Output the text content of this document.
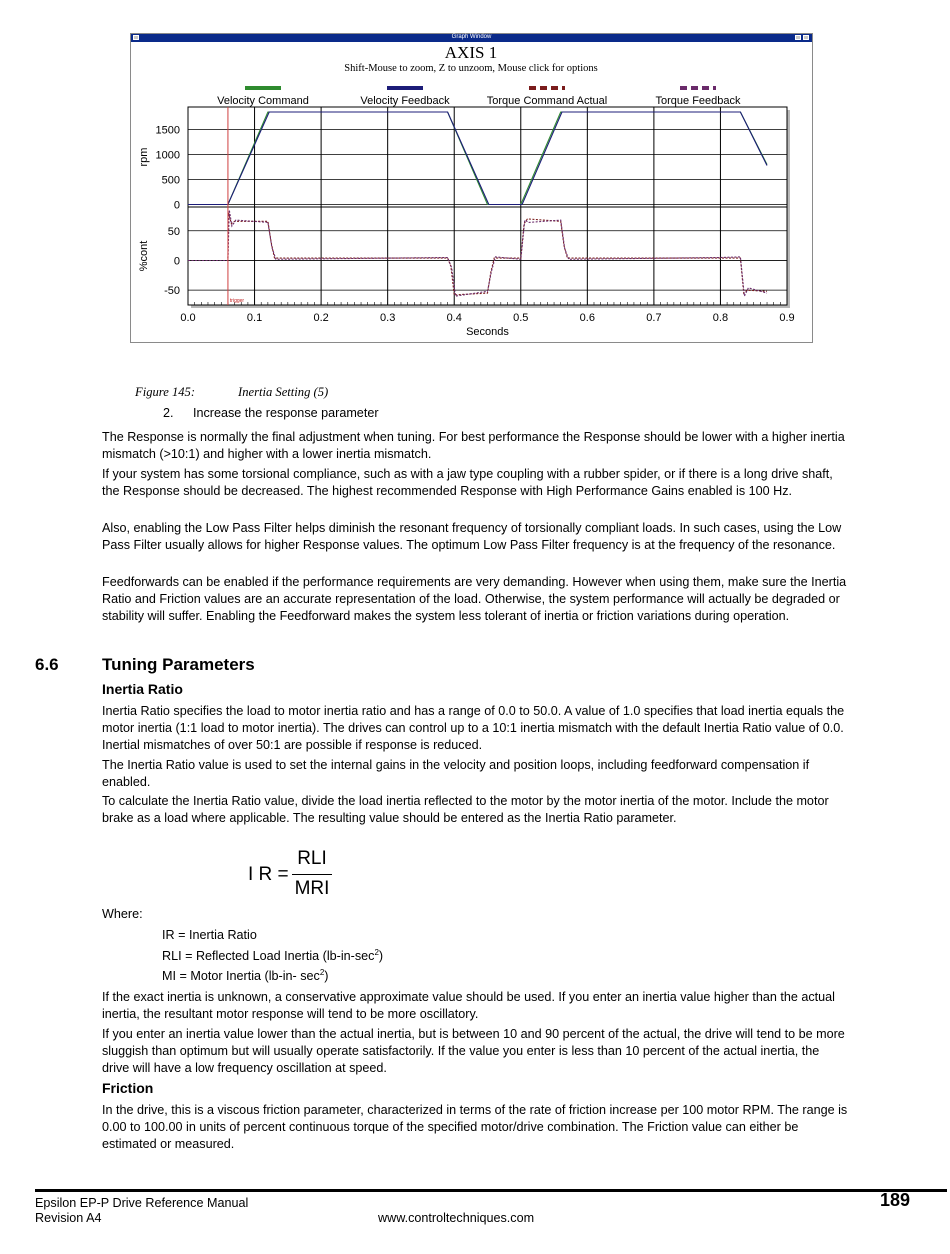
Graph Window
AXIS 1
Shift-Mouse to zoom, Z to unzoom, Mouse click for options
Velocity Command	Velocity Feedback	Torque Command Actual	Torque Feedback
0.0	0.1	0.2	0.3	0.4	0.5	0.6	0.7	0.8	0.9
Seconds
1500
1000
500
0
rpm
50
0
-50
%cont
trigger
Figure 145:	Inertia Setting (5)
2. Increase the response parameter

The Response is normally the final adjustment when tuning. For best performance the Response should be lower with a higher inertia mismatch (>10:1) and higher with a lower inertia mismatch.

If your system has some torsional compliance, such as with a jaw type coupling with a rubber spider, or if there is a long drive shaft, the Response should be decreased. The highest recommended Response with High Performance Gains enabled is 100 Hz.

Also, enabling the Low Pass Filter helps diminish the resonant frequency of torsionally compliant loads. In such cases, using the Low Pass Filter usually allows for higher Response values. The optimum Low Pass Filter frequency is at the frequency of the resonance.

Feedforwards can be enabled if the performance requirements are very demanding. However when using them, make sure the Inertia Ratio and Friction values are an accurate representation of the load. Otherwise, the system performance will actually be degraded or stability will suffer. Enabling the Feedforward makes the system less tolerant of inertia or friction variations during operation.

6.6	Tuning Parameters
Inertia Ratio

Inertia Ratio specifies the load to motor inertia ratio and has a range of 0.0 to 50.0. A value of 1.0 specifies that load inertia equals the motor inertia (1:1 load to motor inertia). The drives can control up to a 10:1 inertia mismatch with the default Inertia Ratio value of 0.0. Inertial mismatches of over 50:1 are possible if response is reduced.

The Inertia Ratio value is used to set the internal gains in the velocity and position loops, including feedforward compensation if enabled.

To calculate the Inertia Ratio value, divide the load inertia reflected to the motor by the motor inertia of the motor. Include the motor brake as a load where applicable. The resulting value should be entered as the Inertia Ratio parameter.

I R =
RLI
MRI
Where:
IR = Inertia Ratio
RLI = Reflected Load Inertia $(lb-in-\sec^2)$
MI = Motor Inertia (lb-in- $\sec^2$)

If the exact inertia is unknown, a conservative approximate value should be used. If you enter an inertia value higher than the actual inertia, the resultant motor response will tend to be more oscillatory.

If you enter an inertia value lower than the actual inertia, but is between 10 and 90 percent of the actual, the drive will tend to be more sluggish than optimum but will usually operate satisfactorily. If the value you enter is less than 10 percent of the actual inertia, the drive will have a low frequency oscillation at speed.

Friction

In the drive, this is a viscous friction parameter, characterized in terms of the rate of friction increase per 100 motor RPM. The range is 0.00 to 100.00 in units of percent continuous torque of the specified motor/drive combination. The Friction value can either be estimated or measured.

Epsilon EP-P Drive Reference Manual
Revision A4	www.controltechniques.com
189
